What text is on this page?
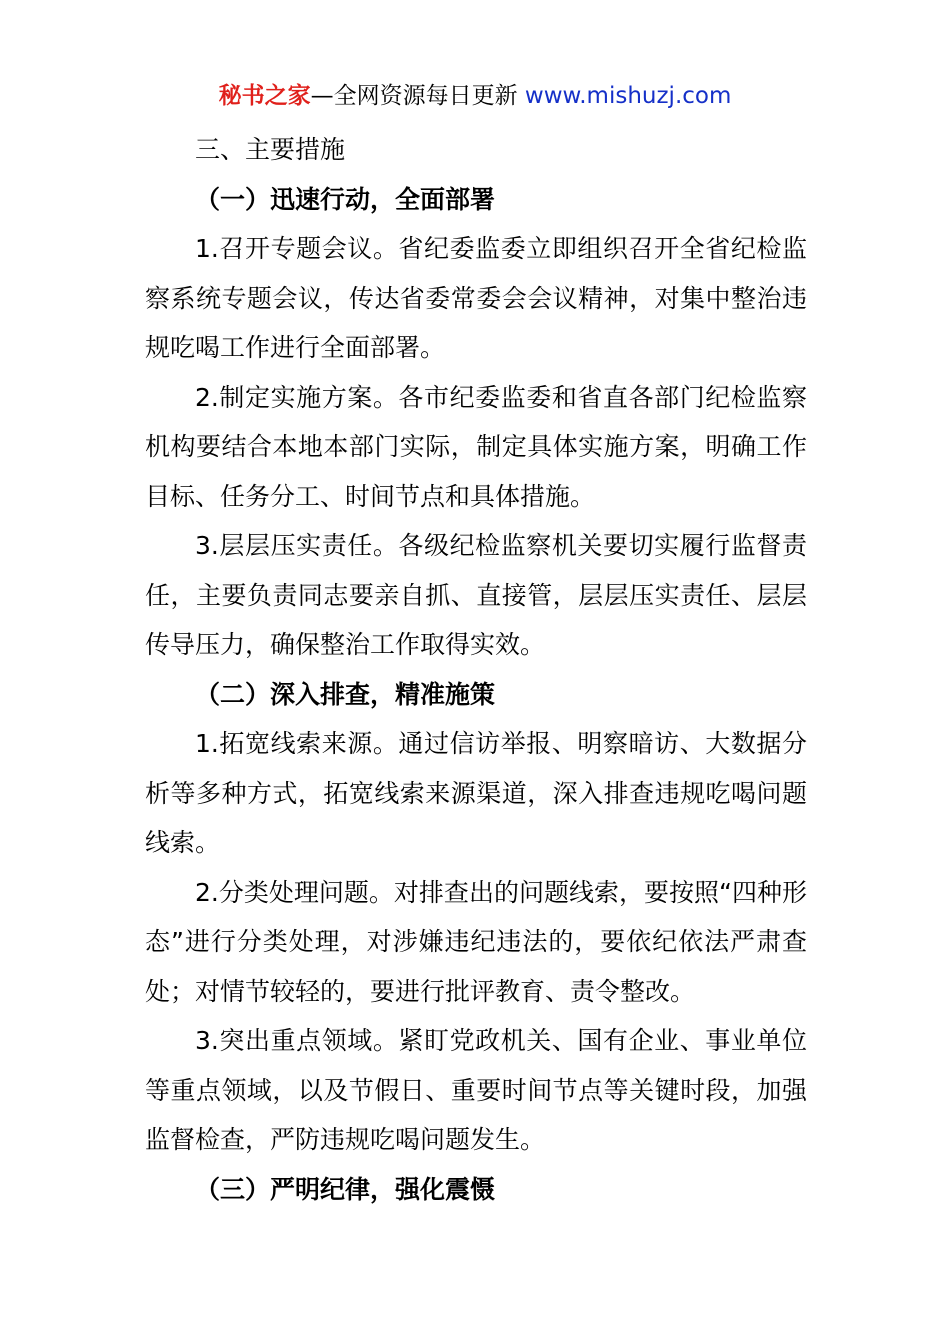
秘书之家—全网资源每日更新 www.mishuzj.com

三、主要措施

（一）迅速行动，全面部署

1.召开专题会议。省纪委监委立即组织召开全省纪检监察系统专题会议，传达省委常委会会议精神，对集中整治违规吃喝工作进行全面部署。

2.制定实施方案。各市纪委监委和省直各部门纪检监察机构要结合本地本部门实际，制定具体实施方案，明确工作目标、任务分工、时间节点和具体措施。

3.层层压实责任。各级纪检监察机关要切实履行监督责任，主要负责同志要亲自抓、直接管，层层压实责任、层层传导压力，确保整治工作取得实效。

（二）深入排查，精准施策

1.拓宽线索来源。通过信访举报、明察暗访、大数据分析等多种方式，拓宽线索来源渠道，深入排查违规吃喝问题线索。

2.分类处理问题。对排查出的问题线索，要按照“四种形态”进行分类处理，对涉嫌违纪违法的，要依纪依法严肃查处；对情节较轻的，要进行批评教育、责令整改。

3.突出重点领域。紧盯党政机关、国有企业、事业单位等重点领域，以及节假日、重要时间节点等关键时段，加强监督检查，严防违规吃喝问题发生。

（三）严明纪律，强化震慑
